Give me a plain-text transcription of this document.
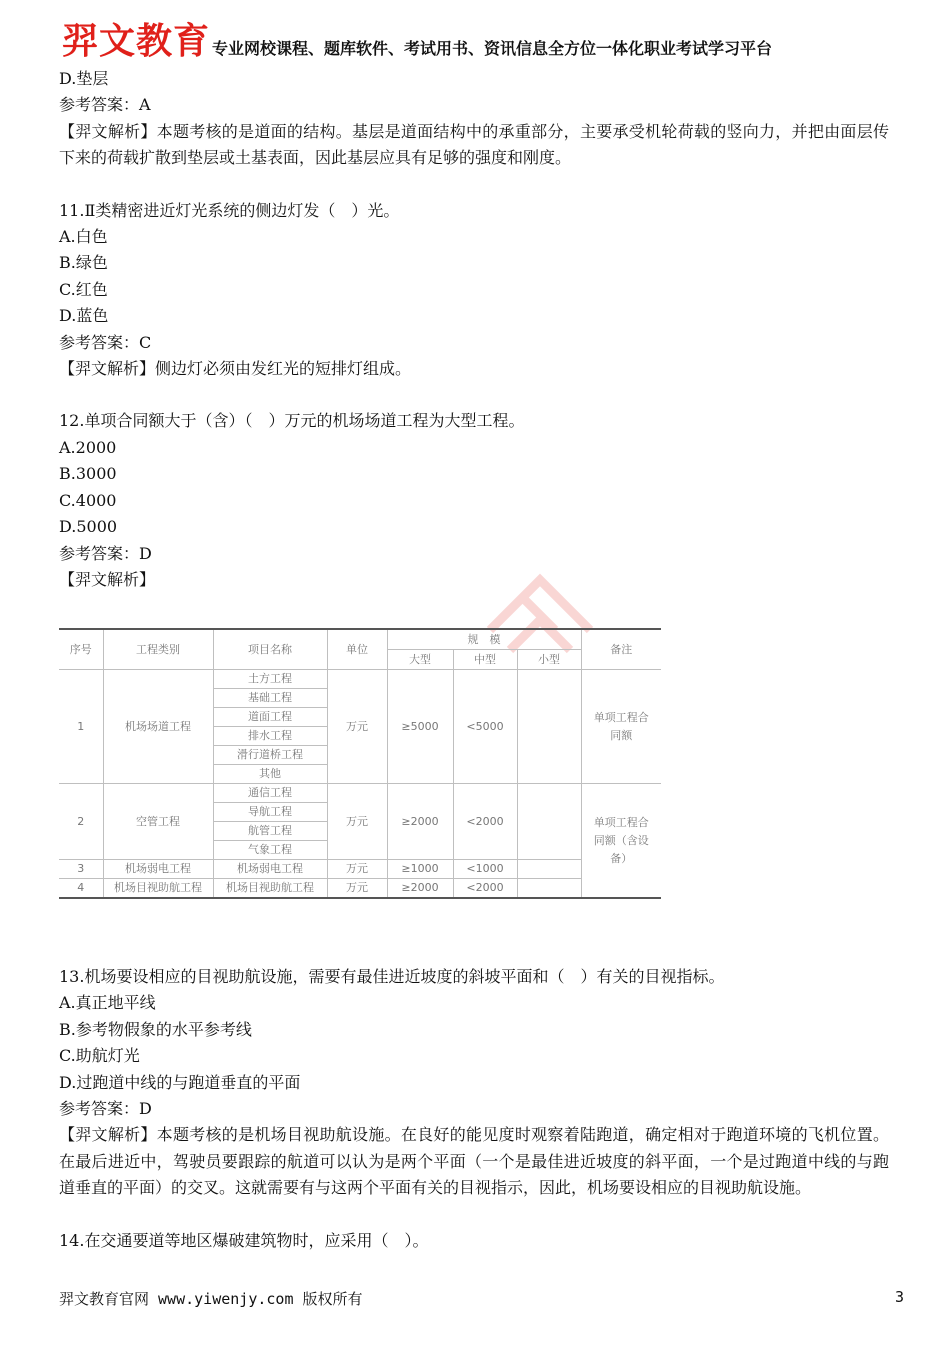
羿文教育 专业网校课程、题库软件、考试用书、资讯信息全方位一体化职业考试学习平台
D.垫层
参考答案：A
【羿文解析】本题考核的是道面的结构。基层是道面结构中的承重部分，主要承受机轮荷载的竖向力，并把由面层传下来的荷载扩散到垫层或土基表面，因此基层应具有足够的强度和刚度。
11.Ⅱ类精密进近灯光系统的侧边灯发（　）光。
A.白色
B.绿色
C.红色
D.蓝色
参考答案：C
【羿文解析】侧边灯必须由发红光的短排灯组成。
12.单项合同额大于（含）（　）万元的机场场道工程为大型工程。
A.2000
B.3000
C.4000
D.5000
参考答案：D
【羿文解析】
序号	工程类别	项目名称	单位	规　模			备注
				大型	中型	小型	
1	机场场道工程	土方工程	万元	≥5000	<5000		单项工程合同额
		基础工程					
		道面工程					
		排水工程					
		滑行道桥工程					
		其他					
2	空管工程	通信工程	万元	≥2000	<2000		单项工程合同额（含设备）
		导航工程					
		航管工程					
		气象工程					
3	机场弱电工程	机场弱电工程	万元	≥1000	<1000		
4	机场目视助航工程	机场目视助航工程	万元	≥2000	<2000		
13.机场要设相应的目视助航设施，需要有最佳进近坡度的斜坡平面和（　）有关的目视指标。
A.真正地平线
B.参考物假象的水平参考线
C.助航灯光
D.过跑道中线的与跑道垂直的平面
参考答案：D
【羿文解析】本题考核的是机场目视助航设施。在良好的能见度时观察着陆跑道，确定相对于跑道环境的飞机位置。在最后进近中，驾驶员要跟踪的航道可以认为是两个平面（一个是最佳进近坡度的斜平面，一个是过跑道中线的与跑道垂直的平面）的交叉。这就需要有与这两个平面有关的目视指示，因此，机场要设相应的目视助航设施。
14.在交通要道等地区爆破建筑物时，应采用（　）。
羿文教育官网 www.yiwenjy.com 版权所有	3
